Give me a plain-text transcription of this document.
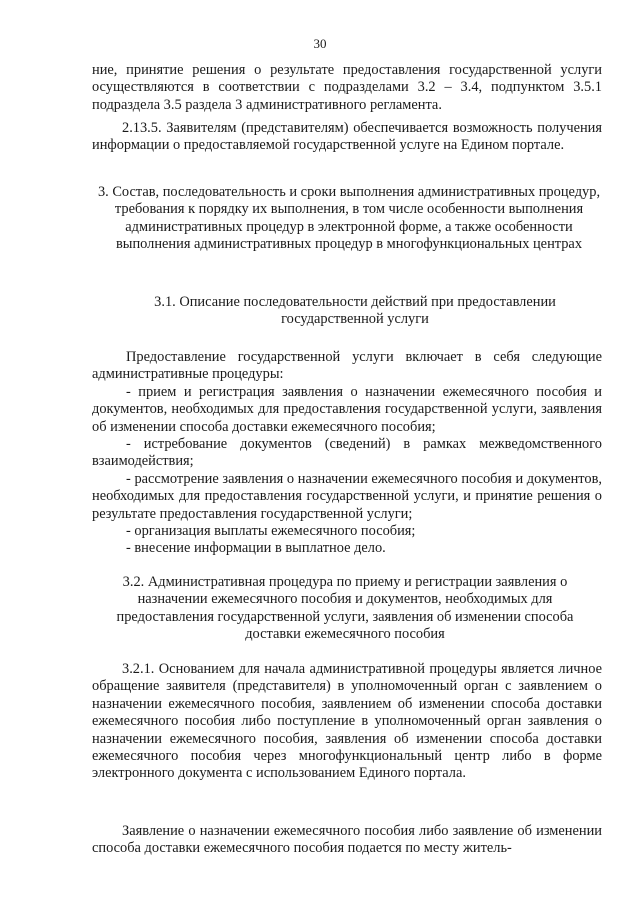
30
ние, принятие решения о результате предоставления государственной услуги осуществляются в соответствии с подразделами 3.2 – 3.4, подпунктом 3.5.1 подраздела 3.5 раздела 3 административного регламента.
2.13.5. Заявителям (представителям) обеспечивается возможность получения информации о предоставляемой государственной услуге на Едином портале.
3. Состав, последовательность и сроки выполнения административных процедур, требования к порядку их выполнения, в том числе особенности выполнения административных процедур в электронной форме, а также особенности выполнения административных процедур в многофункциональных центрах
3.1. Описание последовательности действий при предоставлении государственной услуги

Предоставление государственной услуги включает в себя следующие административные процедуры:

- прием и регистрация заявления о назначении ежемесячного пособия и документов, необходимых для предоставления государственной услуги, заявления об изменении способа доставки ежемесячного пособия;

- истребование документов (сведений) в рамках межведомственного взаимодействия;

- рассмотрение заявления о назначении ежемесячного пособия и документов, необходимых для предоставления государственной услуги, и принятие решения о результате предоставления государственной услуги;

- организация выплаты ежемесячного пособия;

- внесение информации в выплатное дело.

3.2. Административная процедура по приему и регистрации заявления о назначении ежемесячного пособия и документов, необходимых для предоставления государственной услуги, заявления об изменении способа доставки ежемесячного пособия
3.2.1. Основанием для начала административной процедуры является личное обращение заявителя (представителя) в уполномоченный орган с заявлением о назначении ежемесячного пособия, заявлением об изменении способа доставки ежемесячного пособия либо поступление в уполномоченный орган заявления о назначении ежемесячного пособия, заявления об изменении способа доставки ежемесячного пособия через многофункциональный центр либо в форме электронного документа с использованием Единого портала.
Заявление о назначении ежемесячного пособия либо заявление об изменении способа доставки ежемесячного пособия подается по месту житель-
